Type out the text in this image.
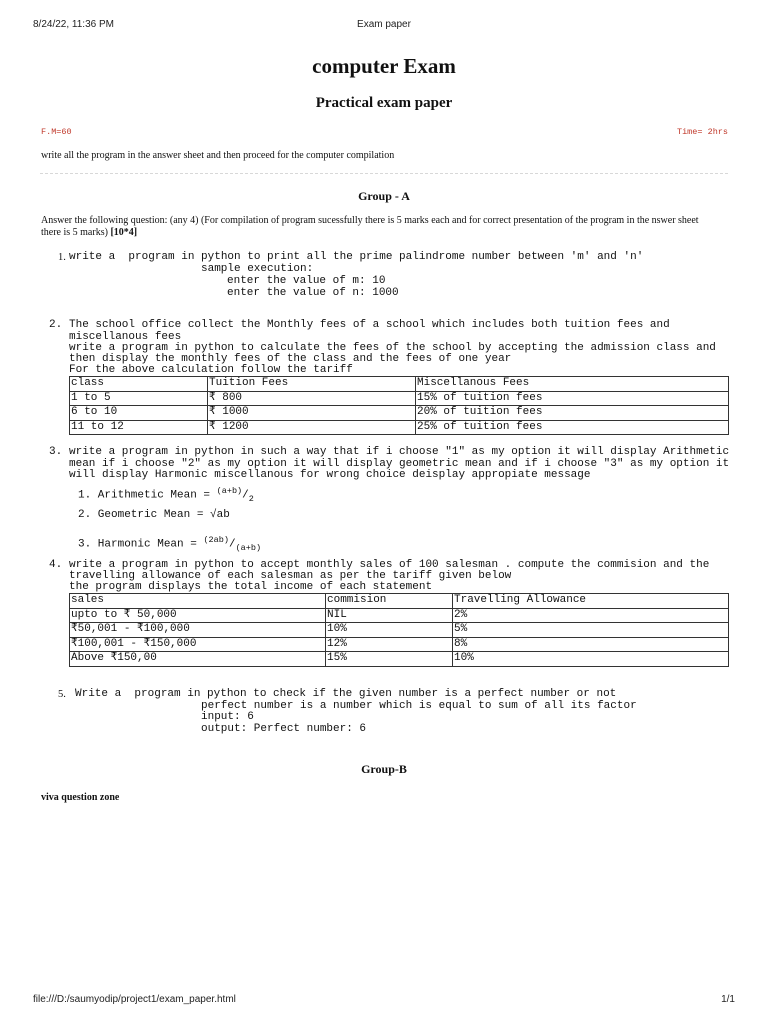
8/24/22, 11:36 PM	Exam paper
computer Exam
Practical exam paper
F.M=60	Time= 2hrs
write all the program in the answer sheet and then proceed for the computer compilation
Group - A
Answer the following question: (any 4) (For compilation of program sucessfully there is 5 marks each and for correct presentation of the program in the nswer sheet there is 5 marks) [10*4]
1. write a  program in python to print all the prime palindrome number between 'm' and 'n'
sample execution:
enter the value of m: 10
enter the value of n: 1000
2. The school office collect the Monthly fees of a school which includes both tuition fees and
miscellanous fees
write a program in python to calculate the fees of the school by accepting the admission class and
then display the monthly fees of the class and the fees of one year
For the above calculation follow the tariff
class	Tuition Fees	Miscellanous Fees
1 to 5	₹ 800	15% of tuition fees
6 to 10	₹ 1000	20% of tuition fees
11 to 12	₹ 1200	25% of tuition fees
3. write a program in python in such a way that if i choose "1" as my option it will display Arithmetic
mean if i choose "2" as my option it will display geometric mean and if i choose "3" as my option it
will display Harmonic miscellanous for wrong choice deisplay appropiate message
1. Arithmetic Mean = $^{(a+b)}/_2$
2. Geometric Mean = √ab
3. Harmonic Mean = $^{(2ab)}/_{(a+b)}$
4. write a program in python to accept monthly sales of 100 salesman . compute the commision and the
travelling allowance of each salesman as per the tariff given below
the program displays the total income of each statement
sales	commision	Travelling Allowance
upto to ₹ 50,000	NIL	2%
₹50,001 - ₹100,000	10%	5%
₹100,001 - ₹150,000	12%	8%
Above ₹150,00	15%	10%
5. Write a  program in python to check if the given number is a perfect number or not
perfect number is a number which is equal to sum of all its factor
input: 6
output: Perfect number: 6
Group-B
viva question zone
file:///D:/saumyodip/project1/exam_paper.html	1/1
